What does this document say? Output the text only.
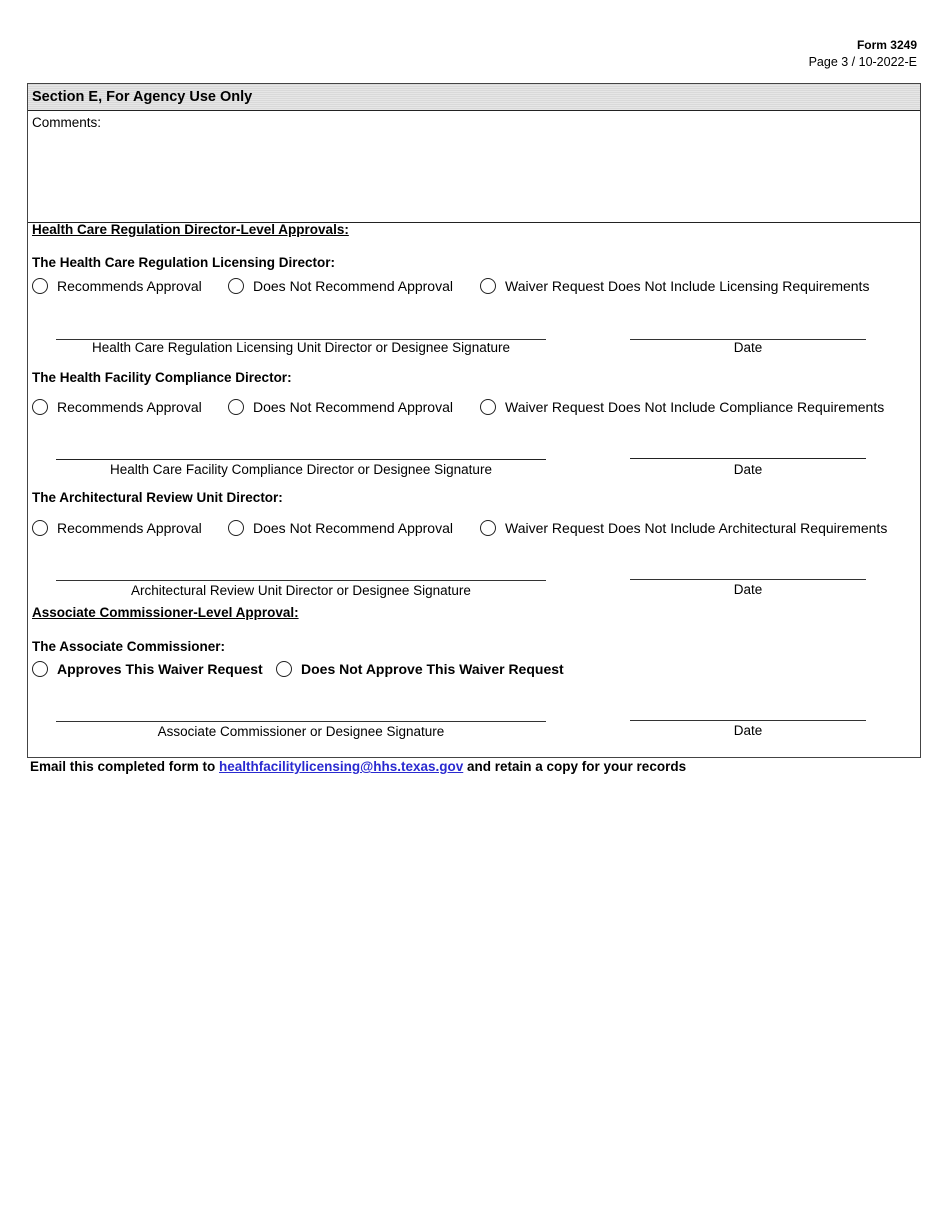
Form 3249
Page 3 / 10-2022-E
Section E, For Agency Use Only
Comments:
Health Care Regulation Director-Level Approvals:
The Health Care Regulation Licensing Director:
Recommends Approval	Does Not Recommend Approval	Waiver Request Does Not Include Licensing Requirements
Health Care Regulation Licensing Unit Director or Designee Signature	Date
The Health Facility Compliance Director:
Recommends Approval	Does Not Recommend Approval	Waiver Request Does Not Include Compliance Requirements
Health Care Facility Compliance Director or Designee Signature	Date
The Architectural Review Unit Director:
Recommends Approval	Does Not Recommend Approval	Waiver Request Does Not Include Architectural Requirements
Architectural Review Unit Director or Designee Signature	Date
Associate Commissioner-Level Approval:
The Associate Commissioner:
Approves This Waiver Request	Does Not Approve This Waiver Request
Associate Commissioner or Designee Signature	Date
Email this completed form to healthfacilitylicensing@hhs.texas.gov and retain a copy for your records
